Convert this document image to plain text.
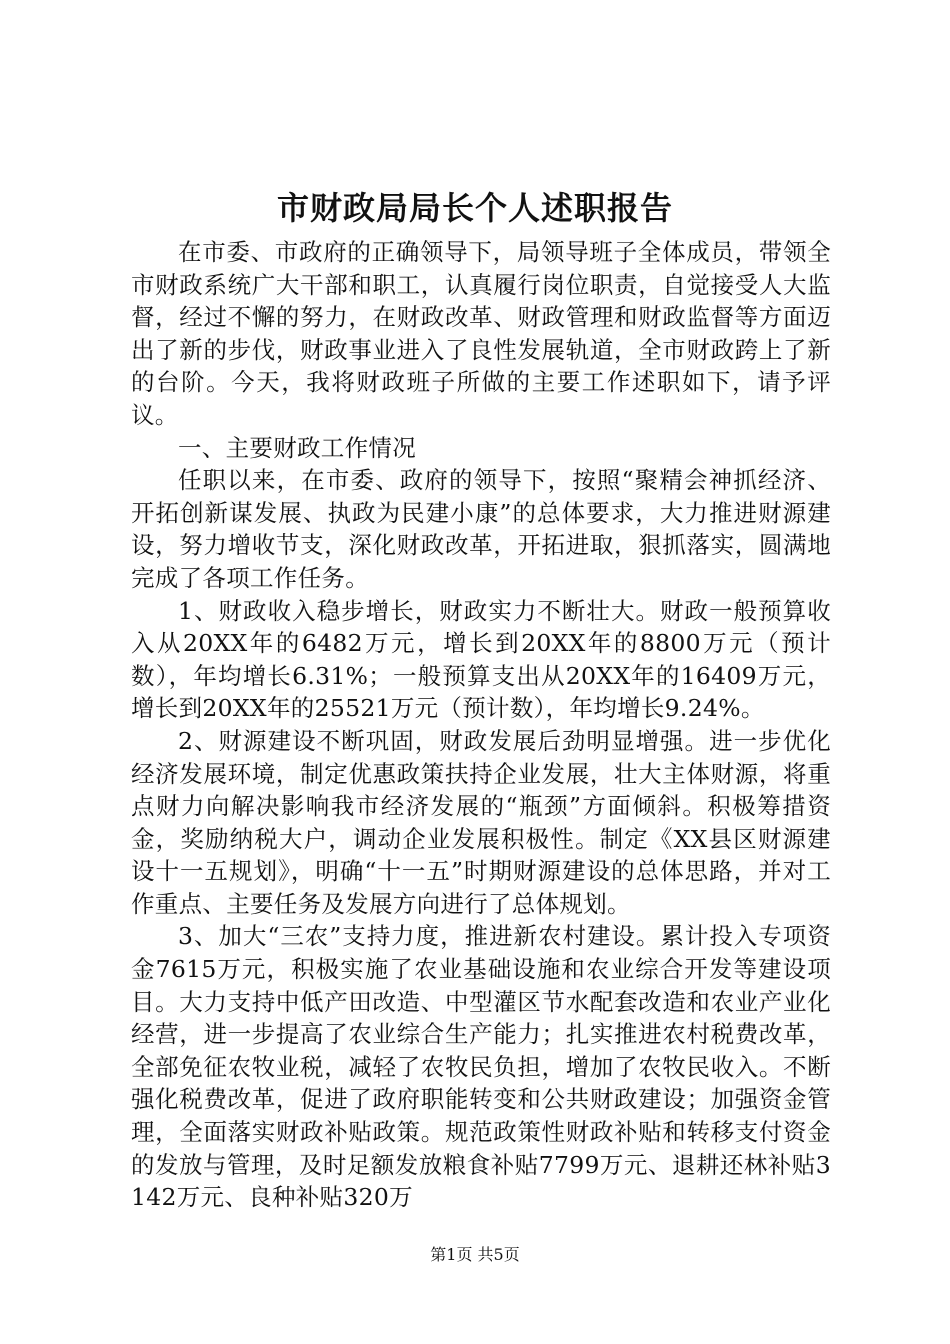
市财政局局长个人述职报告

在市委、市政府的正确领导下，局领导班子全体成员，带领全市财政系统广大干部和职工，认真履行岗位职责，自觉接受人大监督，经过不懈的努力，在财政改革、财政管理和财政监督等方面迈出了新的步伐，财政事业进入了良性发展轨道，全市财政跨上了新的台阶。今天，我将财政班子所做的主要工作述职如下，请予评议。

一、主要财政工作情况

任职以来，在市委、政府的领导下，按照“聚精会神抓经济、开拓创新谋发展、执政为民建小康”的总体要求，大力推进财源建设，努力增收节支，深化财政改革，开拓进取，狠抓落实，圆满地完成了各项工作任务。

1、财政收入稳步增长，财政实力不断壮大。财政一般预算收入从20XX年的6482万元，增长到20XX年的8800万元（预计数），年均增长6.31%；一般预算支出从20XX年的16409万元，增长到20XX年的25521万元（预计数），年均增长9.24%。

2、财源建设不断巩固，财政发展后劲明显增强。进一步优化经济发展环境，制定优惠政策扶持企业发展，壮大主体财源，将重点财力向解决影响我市经济发展的“瓶颈”方面倾斜。积极筹措资金，奖励纳税大户，调动企业发展积极性。制定《XX县区财源建设十一五规划》，明确“十一五”时期财源建设的总体思路，并对工作重点、主要任务及发展方向进行了总体规划。

3、加大“三农”支持力度，推进新农村建设。累计投入专项资金7615万元，积极实施了农业基础设施和农业综合开发等建设项目。大力支持中低产田改造、中型灌区节水配套改造和农业产业化经营，进一步提高了农业综合生产能力；扎实推进农村税费改革，全部免征农牧业税，减轻了农牧民负担，增加了农牧民收入。不断强化税费改革，促进了政府职能转变和公共财政建设；加强资金管理，全面落实财政补贴政策。规范政策性财政补贴和转移支付资金的发放与管理，及时足额发放粮食补贴7799万元、退耕还林补贴3142万元、良种补贴320万

第1页 共5页
